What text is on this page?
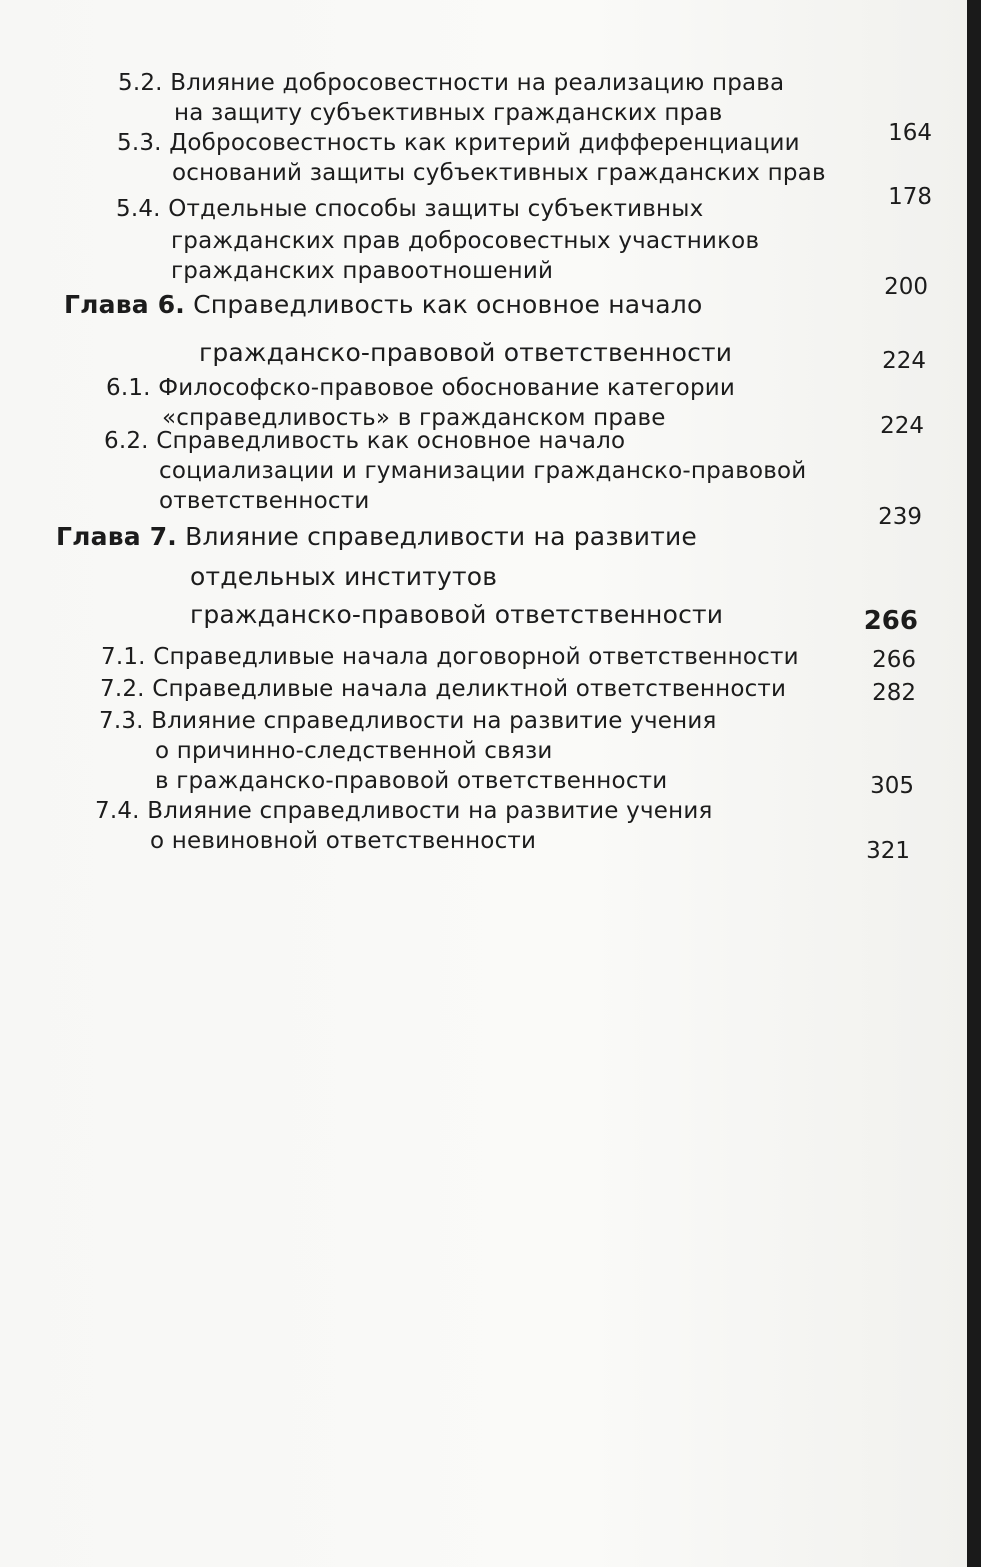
5.2. Влияние добросовестности на реализацию права
на защиту субъективных гражданских прав
164
5.3. Добросовестность как критерий дифференциации
оснований защиты субъективных гражданских прав
178
5.4. Отдельные способы защиты субъективных
гражданских прав добросовестных участников
гражданских правоотношений
200
Глава 6. Справедливость как основное начало
гражданско-правовой ответственности	224
6.1. Философско-правовое обоснование категории
«справедливость» в гражданском праве	224
6.2. Справедливость как основное начало
социализации и гуманизации гражданско-правовой
ответственности
239
Глава 7. Влияние справедливости на развитие
отдельных институтов
гражданско-правовой ответственности	266
7.1. Справедливые начала договорной ответственности	266
7.2. Справедливые начала деликтной ответственности	282
7.3. Влияние справедливости на развитие учения
о причинно-следственной связи
в гражданско-правовой ответственности	305
7.4. Влияние справедливости на развитие учения
о невиновной ответственности	321
